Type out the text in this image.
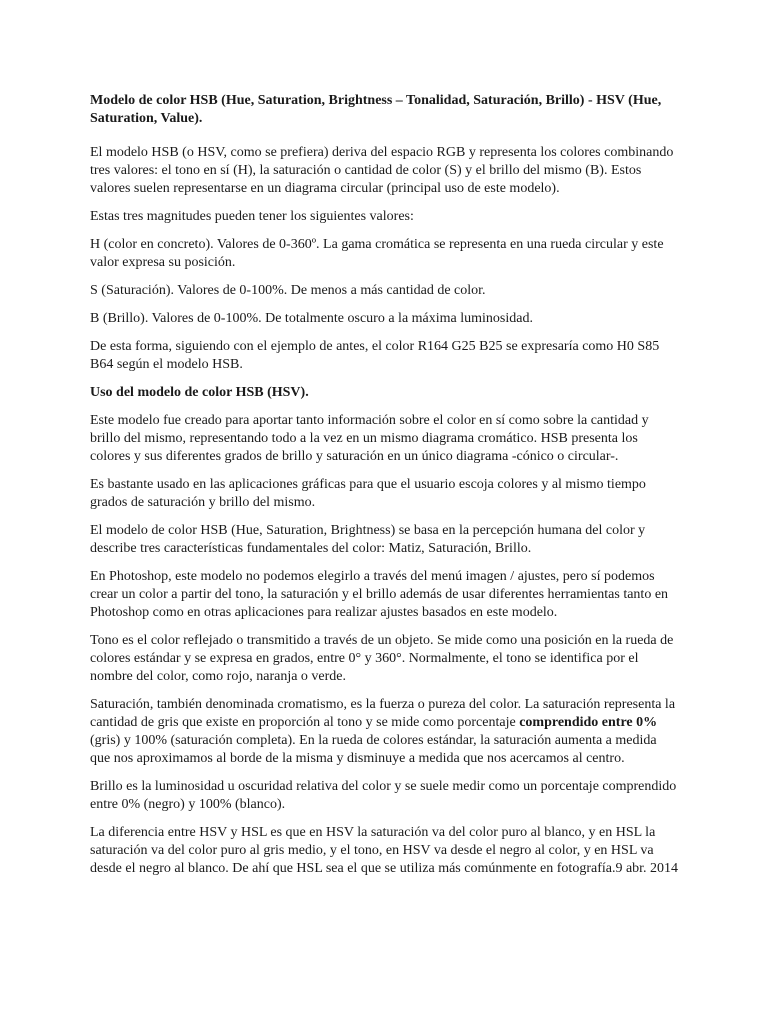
Modelo de color HSB (Hue, Saturation, Brightness – Tonalidad, Saturación, Brillo) - HSV (Hue, Saturation, Value).

El modelo HSB (o HSV, como se prefiera) deriva del espacio RGB y representa los colores combinando tres valores: el tono en sí (H), la saturación o cantidad de color (S) y el brillo del mismo (B). Estos valores suelen representarse en un diagrama circular (principal uso de este modelo).

Estas tres magnitudes pueden tener los siguientes valores:

H (color en concreto). Valores de 0-360º. La gama cromática se representa en una rueda circular y este valor expresa su posición.

S (Saturación). Valores de 0-100%. De menos a más cantidad de color.

B (Brillo). Valores de 0-100%. De totalmente oscuro a la máxima luminosidad.

De esta forma, siguiendo con el ejemplo de antes, el color R164 G25 B25 se expresaría como H0 S85 B64 según el modelo HSB.

Uso del modelo de color HSB (HSV).

Este modelo fue creado para aportar tanto información sobre el color en sí como sobre la cantidad y brillo del mismo, representando todo a la vez en un mismo diagrama cromático. HSB presenta los colores y sus diferentes grados de brillo y saturación en un único diagrama -cónico o circular-.

Es bastante usado en las aplicaciones gráficas para que el usuario escoja colores y al mismo tiempo grados de saturación y brillo del mismo.

El modelo de color HSB (Hue, Saturation, Brightness) se basa en la percepción humana del color y describe tres características fundamentales del color: Matiz, Saturación, Brillo.

En Photoshop, este modelo no podemos elegirlo a través del menú imagen / ajustes, pero sí podemos crear un color a partir del tono, la saturación y el brillo además de usar diferentes herramientas tanto en Photoshop como en otras aplicaciones para realizar ajustes basados en este modelo.

Tono es el color reflejado o transmitido a través de un objeto. Se mide como una posición en la rueda de colores estándar y se expresa en grados, entre 0° y 360°. Normalmente, el tono se identifica por el nombre del color, como rojo, naranja o verde.

Saturación, también denominada cromatismo, es la fuerza o pureza del color. La saturación representa la cantidad de gris que existe en proporción al tono y se mide como porcentaje comprendido entre 0% (gris) y 100% (saturación completa). En la rueda de colores estándar, la saturación aumenta a medida que nos aproximamos al borde de la misma y disminuye a medida que nos acercamos al centro.

Brillo es la luminosidad u oscuridad relativa del color y se suele medir como un porcentaje comprendido entre 0% (negro) y 100% (blanco).

La diferencia entre HSV y HSL es que en HSV la saturación va del color puro al blanco, y en HSL la saturación va del color puro al gris medio, y el tono, en HSV va desde el negro al color, y en HSL va desde el negro al blanco. De ahí que HSL sea el que se utiliza más comúnmente en fotografía.9 abr. 2014
